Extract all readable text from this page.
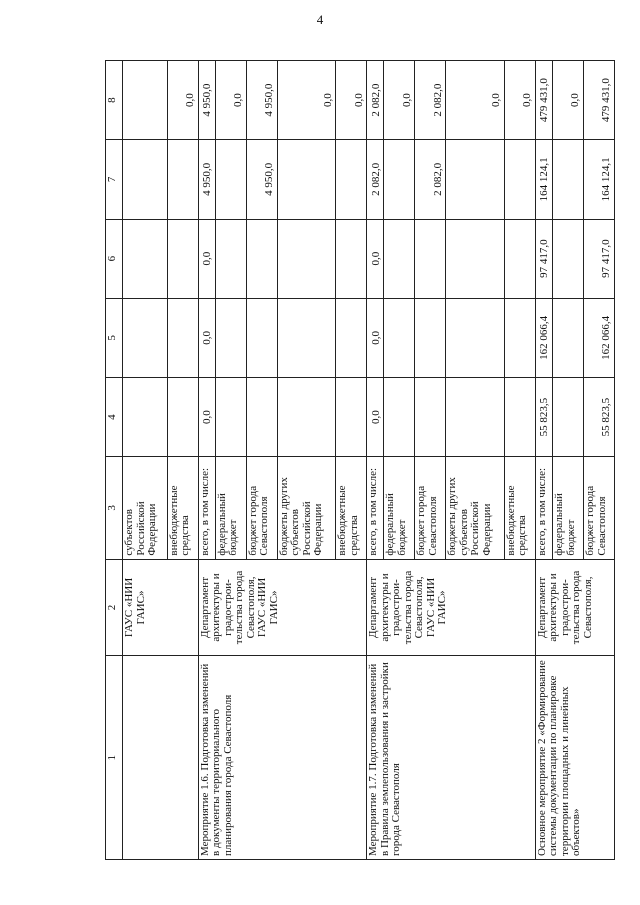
4
1	2	3	4	5	6	7	8
	ГАУС «НИИ ГАИС»	субъектов Российской Федерации					
		внебюджетные средства					0,0
Мероприятие 1.6. Подготовка изменений в документы территориального планирования города Севастополя	Департамент архитектуры и градострои-тельства города Севастополя, ГАУС «НИИ ГАИС»	всего, в том числе:	0,0	0,0	0,0	4 950,0	4 950,0
		федеральный бюджет					0,0
		бюджет города Севастополя				4 950,0	4 950,0
		бюджеты других субъектов Российской Федерации					0,0
		внебюджетные средства					0,0
Мероприятие 1.7. Подготовка изменений в Правила землепользования и застройки города Севастополя	Департамент архитектуры и градострои-тельства города Севастополя, ГАУС «НИИ ГАИС»	всего, в том числе:	0,0	0,0	0,0	2 082,0	2 082,0
		федеральный бюджет					0,0
		бюджет города Севастополя				2 082,0	2 082,0
		бюджеты других субъектов Российской Федерации					0,0
		внебюджетные средства					0,0
Основное мероприятие 2 «Формирование системы документации по планировке территории площадных и линейных объектов»	Департамент архитектуры и градострои-тельства города Севастополя,	всего, в том числе:	55 823,5	162 066,4	97 417,0	164 124,1	479 431,0
		федеральный бюджет					0,0
		бюджет города Севастополя	55 823,5	162 066,4	97 417,0	164 124,1	479 431,0
